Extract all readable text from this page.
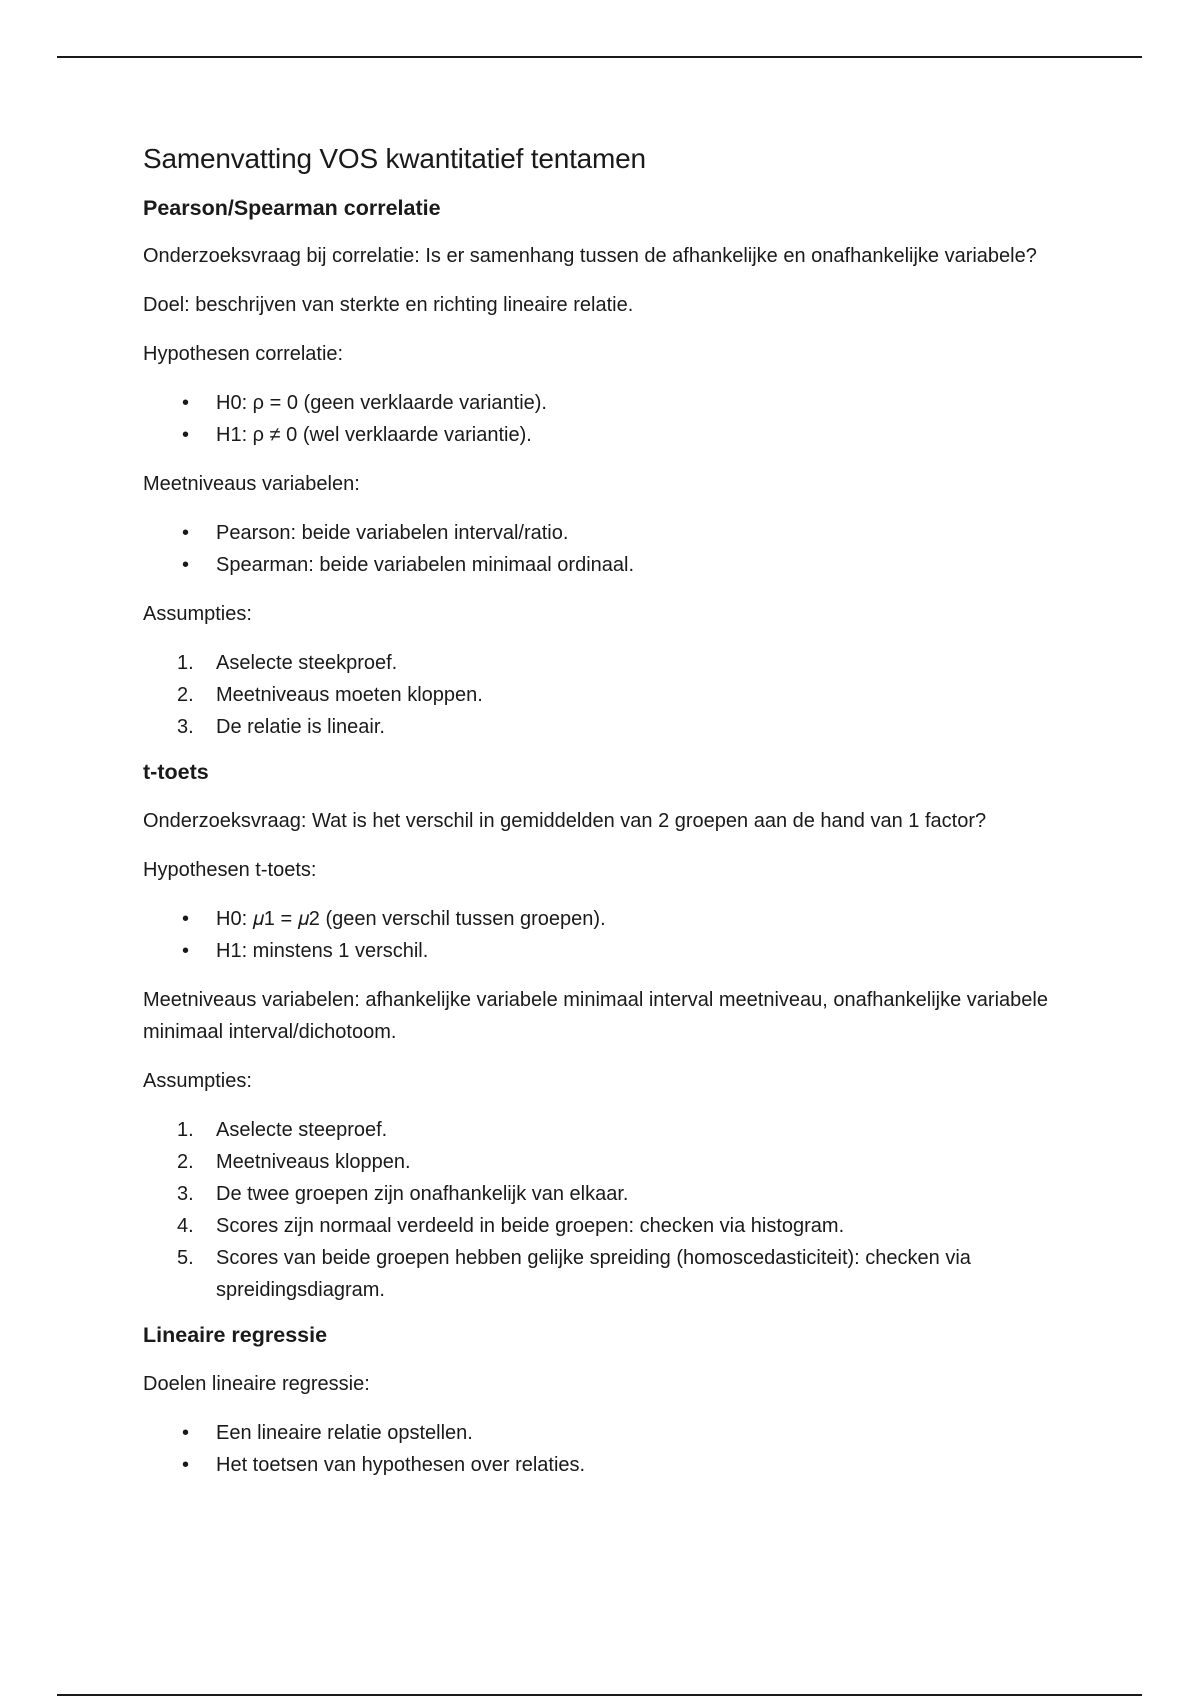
Samenvatting VOS kwantitatief tentamen
Pearson/Spearman correlatie

Onderzoeksvraag bij correlatie: Is er samenhang tussen de afhankelijke en onafhankelijke variabele?

Doel: beschrijven van sterkte en richting lineaire relatie.

Hypothesen correlatie:

•	H0: ρ = 0 (geen verklaarde variantie).
•	H1: ρ ≠ 0 (wel verklaarde variantie).

Meetniveaus variabelen:

•	Pearson: beide variabelen interval/ratio.
•	Spearman: beide variabelen minimaal ordinaal.

Assumpties:

1.	Aselecte steekproef.
2.	Meetniveaus moeten kloppen.
3.	De relatie is lineair.
t-toets

Onderzoeksvraag: Wat is het verschil in gemiddelden van 2 groepen aan de hand van 1 factor?

Hypothesen t-toets:

•	H0: 𝜇1 = 𝜇2 (geen verschil tussen groepen).
•	H1: minstens 1 verschil.

Meetniveaus variabelen: afhankelijke variabele minimaal interval meetniveau, onafhankelijke variabele minimaal interval/dichotoom.

Assumpties:

1.	Aselecte steeproef.
2.	Meetniveaus kloppen.
3.	De twee groepen zijn onafhankelijk van elkaar.
4.	Scores zijn normaal verdeeld in beide groepen: checken via histogram.
5.	Scores van beide groepen hebben gelijke spreiding (homoscedasticiteit): checken via spreidingsdiagram.
Lineaire regressie

Doelen lineaire regressie:

•	Een lineaire relatie opstellen.
•	Het toetsen van hypothesen over relaties.
